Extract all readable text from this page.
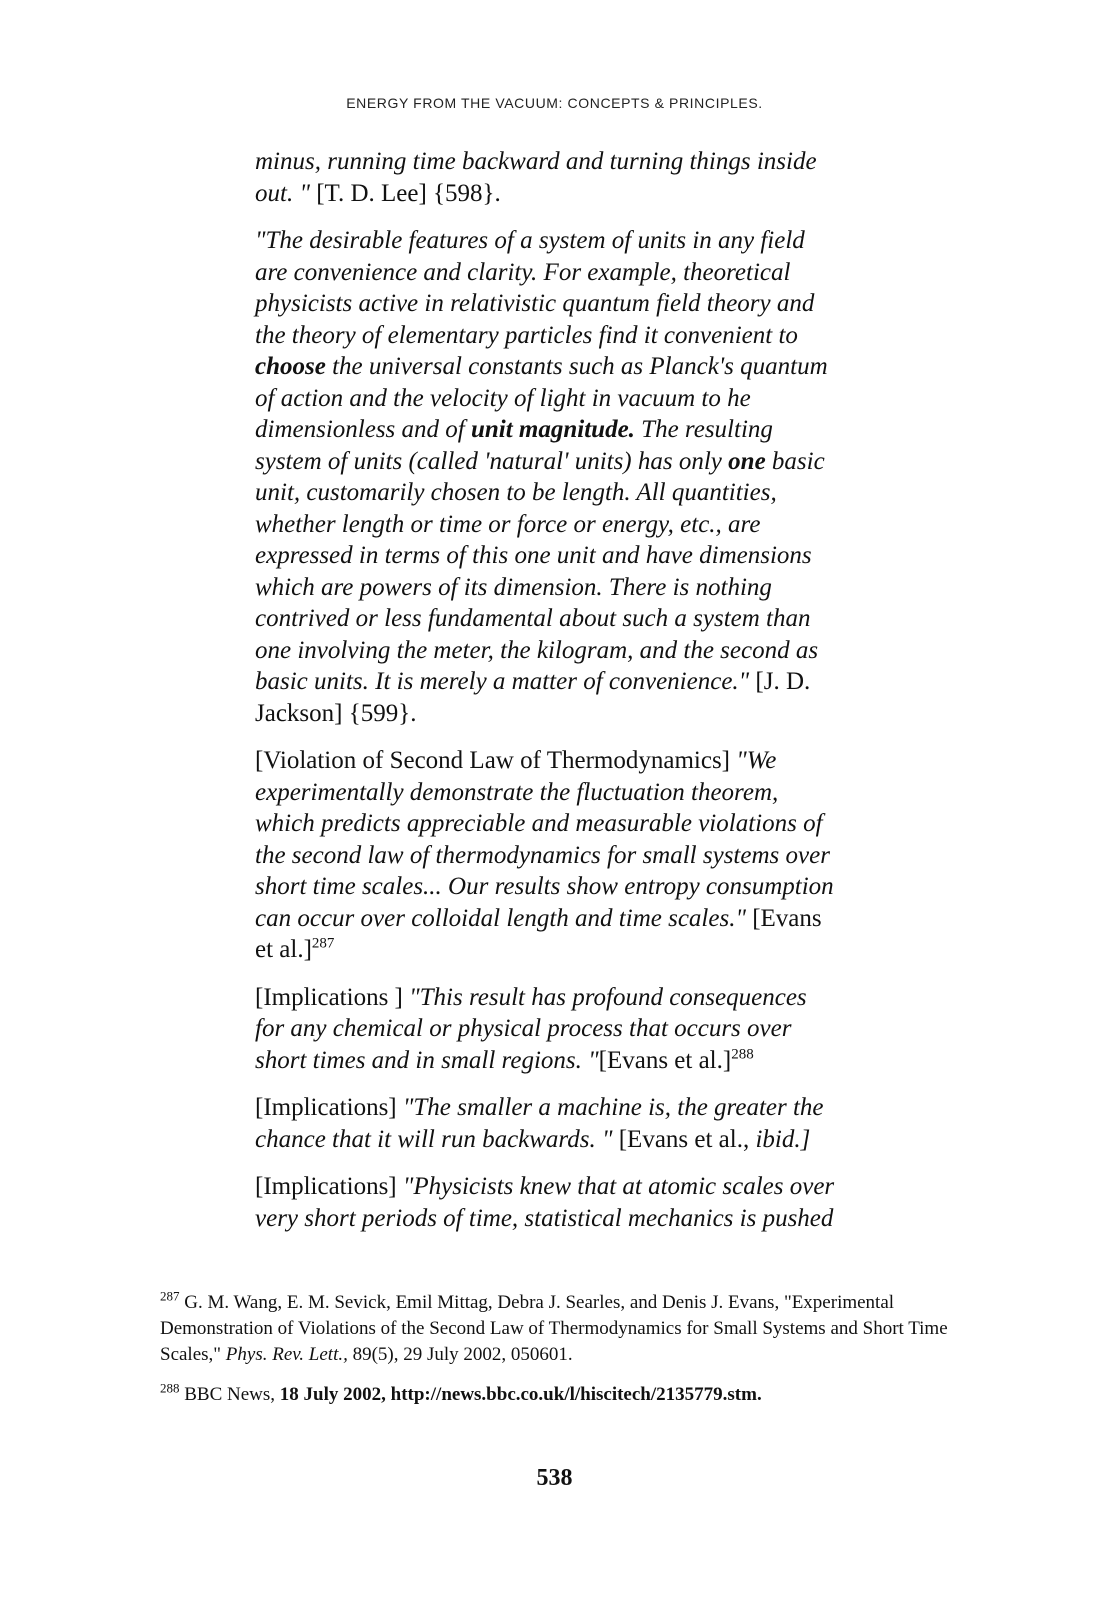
ENERGY FROM THE VACUUM: CONCEPTS & PRINCIPLES.

minus, running time backward and turning things inside
out. " [T. D. Lee] {598}.

"The desirable features of a system of units in any field
are convenience and clarity. For example, theoretical
physicists active in relativistic quantum field theory and
the theory of elementary particles find it convenient to
choose the universal constants such as Planck's quantum
of action and the velocity of light in vacuum to he
dimensionless and of unit magnitude. The resulting
system of units (called 'natural' units) has only one basic
unit, customarily chosen to be length. All quantities,
whether length or time or force or energy, etc., are
expressed in terms of this one unit and have dimensions
which are powers of its dimension. There is nothing
contrived or less fundamental about such a system than
one involving the meter, the kilogram, and the second as
basic units. It is merely a matter of convenience." [J. D.
Jackson] {599}.

[Violation of Second Law of Thermodynamics] "We
experimentally demonstrate the fluctuation theorem,
which predicts appreciable and measurable violations of
the second law of thermodynamics for small systems over
short time scales... Our results show entropy consumption
can occur over colloidal length and time scales." [Evans
et al.]$^{287}$

[Implications ] "This result has profound consequences
for any chemical or physical process that occurs over
short times and in small regions. "[Evans et al.]$^{288}$

[Implications] "The smaller a machine is, the greater the
chance that it will run backwards. " [Evans et al., ibid.]

[Implications] "Physicists knew that at atomic scales over
very short periods of time, statistical mechanics is pushed

$^{287}$ G. M. Wang, E. M. Sevick, Emil Mittag, Debra J. Searles, and Denis J. Evans, "Experimental Demonstration of Violations of the Second Law of Thermodynamics for Small Systems and Short Time Scales," Phys. Rev. Lett., 89(5), 29 July 2002, 050601.

$^{288}$ BBC News, 18 July 2002, http://news.bbc.co.uk/l/hiscitech/2135779.stm.

538
